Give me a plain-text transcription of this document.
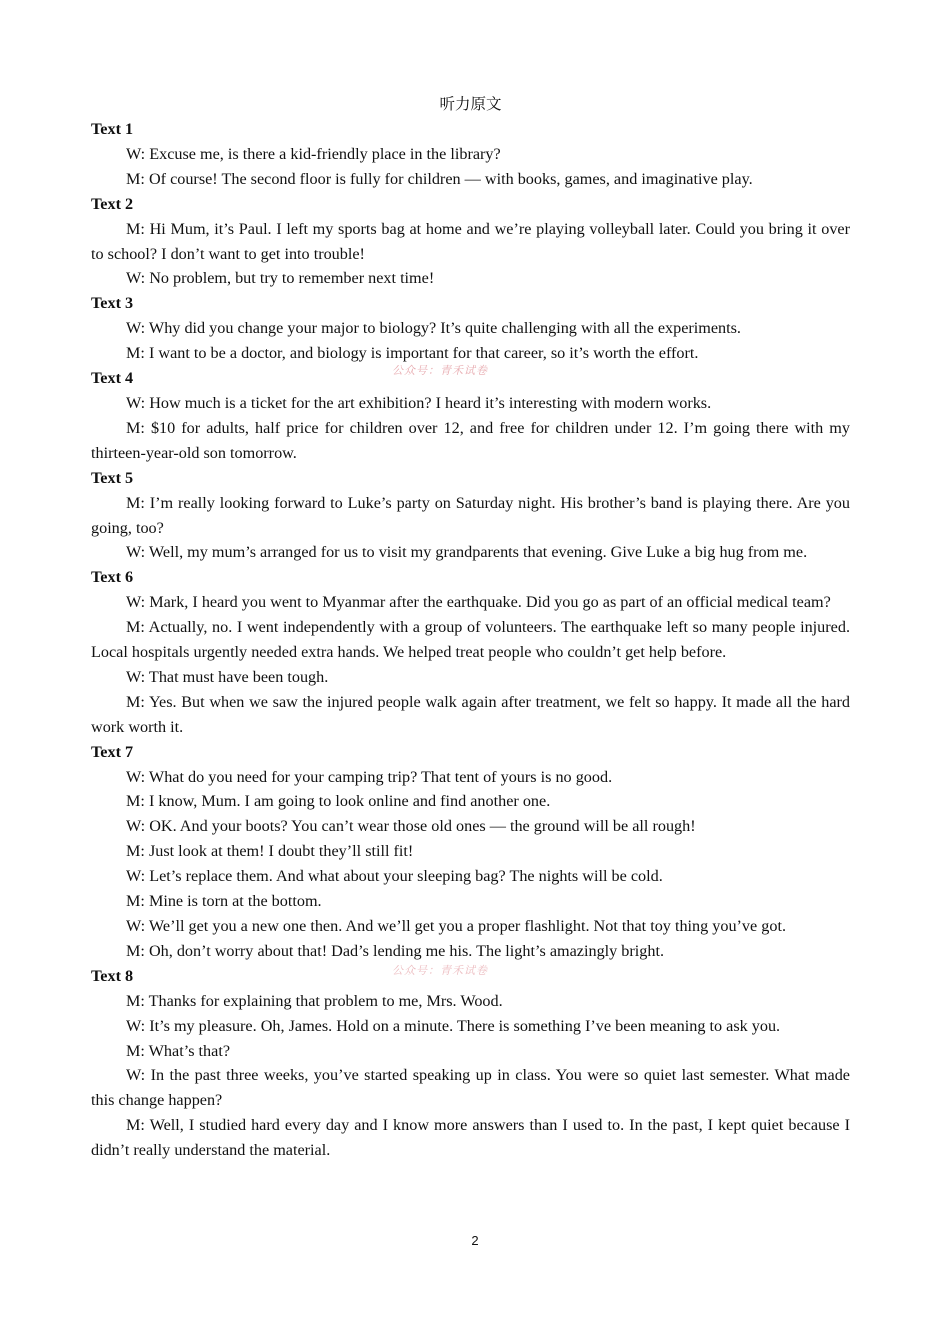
听力原文
Text 1
W: Excuse me, is there a kid-friendly place in the library?
M: Of course! The second floor is fully for children — with books, games, and imaginative play.
Text 2
M: Hi Mum, it’s Paul. I left my sports bag at home and we’re playing volleyball later. Could you bring it over to school? I don’t want to get into trouble!
W: No problem, but try to remember next time!
Text 3
W: Why did you change your major to biology? It’s quite challenging with all the experiments.
M: I want to be a doctor, and biology is important for that career, so it’s worth the effort.
Text 4
W: How much is a ticket for the art exhibition? I heard it’s interesting with modern works.
M: $10 for adults, half price for children over 12, and free for children under 12. I’m going there with my thirteen-year-old son tomorrow.
Text 5
M: I’m really looking forward to Luke’s party on Saturday night. His brother’s band is playing there. Are you going, too?
W: Well, my mum’s arranged for us to visit my grandparents that evening. Give Luke a big hug from me.
Text 6
W: Mark, I heard you went to Myanmar after the earthquake. Did you go as part of an official medical team?
M: Actually, no. I went independently with a group of volunteers. The earthquake left so many people injured. Local hospitals urgently needed extra hands. We helped treat people who couldn’t get help before.
W: That must have been tough.
M: Yes. But when we saw the injured people walk again after treatment, we felt so happy. It made all the hard work worth it.
Text 7
W: What do you need for your camping trip? That tent of yours is no good.
M: I know, Mum. I am going to look online and find another one.
W: OK. And your boots? You can’t wear those old ones — the ground will be all rough!
M: Just look at them! I doubt they’ll still fit!
W: Let’s replace them. And what about your sleeping bag? The nights will be cold.
M: Mine is torn at the bottom.
W: We’ll get you a new one then. And we’ll get you a proper flashlight. Not that toy thing you’ve got.
M: Oh, don’t worry about that! Dad’s lending me his. The light’s amazingly bright.
Text 8
M: Thanks for explaining that problem to me, Mrs. Wood.
W: It’s my pleasure. Oh, James. Hold on a minute. There is something I’ve been meaning to ask you.
M: What’s that?
W: In the past three weeks, you’ve started speaking up in class. You were so quiet last semester. What made this change happen?
M: Well, I studied hard every day and I know more answers than I used to. In the past, I kept quiet because I didn’t really understand the material.
公众号：青禾试卷
公众号：青禾试卷
2
